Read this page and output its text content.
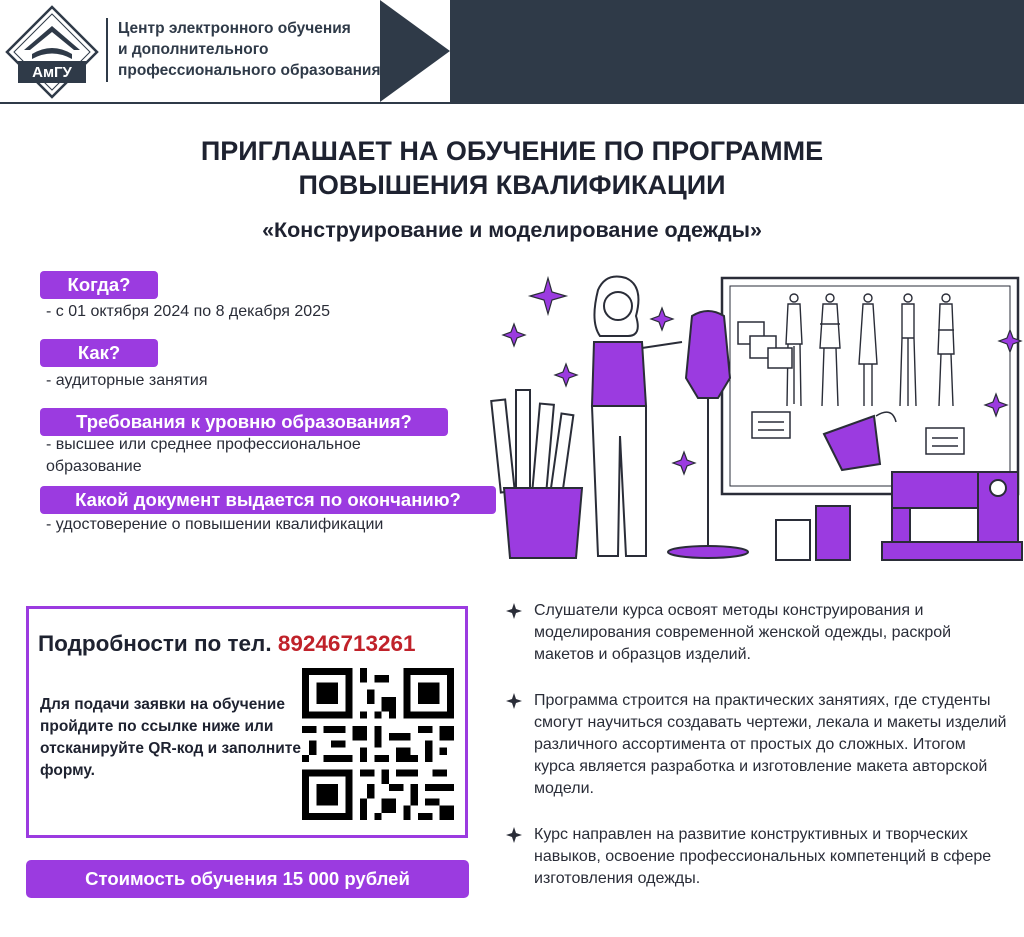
АмГУ
Центр электронного обучения
и дополнительного
профессионального образования
ПРИГЛАШАЕТ НА ОБУЧЕНИЕ ПО ПРОГРАММЕ
ПОВЫШЕНИЯ КВАЛИФИКАЦИИ
«Конструирование и моделирование одежды»
Когда?
- с 01 октября 2024 по 8 декабря 2025
Как?
- аудиторные занятия
Требования к уровню образования?
- высшее или среднее профессиональное образование
Какой документ выдается по окончанию?
- удостоверение о повышении квалификации
Подробности по тел. 89246713261
Для подачи заявки на обучение пройдите по ссылке ниже или отсканируйте QR-код и заполните форму.
Стоимость обучения 15 000 рублей
Слушатели курса освоят методы конструирования и моделирования современной женской одежды, раскрой макетов и образцов изделий.
Программа строится на практических занятиях, где студенты смогут научиться создавать чертежи, лекала и макеты изделий различного ассортимента от простых до сложных. Итогом курса является разработка и изготовление макета авторской модели.
Курс направлен на развитие конструктивных и творческих навыков, освоение профессиональных компетенций в сфере изготовления одежды.
